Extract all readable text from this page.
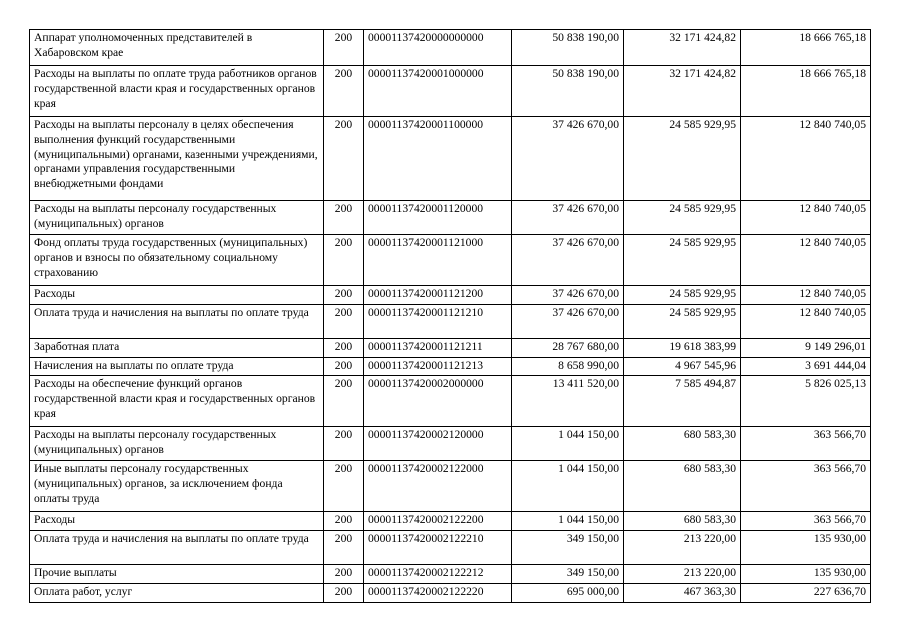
Аппарат уполномоченных представителей в Хабаровском крае	200	00001137420000000000	50 838 190,00	32 171 424,82	18 666 765,18
Расходы на выплаты по оплате труда работников органов государственной власти края и государственных органов края	200	00001137420001000000	50 838 190,00	32 171 424,82	18 666 765,18
Расходы на выплаты персоналу в целях обеспечения выполнения функций государственными (муниципальными) органами, казенными учреждениями, органами управления государственными внебюджетными фондами	200	00001137420001100000	37 426 670,00	24 585 929,95	12 840 740,05
Расходы на выплаты персоналу государственных (муниципальных) органов	200	00001137420001120000	37 426 670,00	24 585 929,95	12 840 740,05
Фонд оплаты труда государственных (муниципальных) органов и взносы по обязательному социальному страхованию	200	00001137420001121000	37 426 670,00	24 585 929,95	12 840 740,05
Расходы	200	00001137420001121200	37 426 670,00	24 585 929,95	12 840 740,05
Оплата труда и начисления на выплаты по оплате труда	200	00001137420001121210	37 426 670,00	24 585 929,95	12 840 740,05
Заработная плата	200	00001137420001121211	28 767 680,00	19 618 383,99	9 149 296,01
Начисления на выплаты по оплате труда	200	00001137420001121213	8 658 990,00	4 967 545,96	3 691 444,04
Расходы на обеспечение функций органов государственной власти края и государственных органов края	200	00001137420002000000	13 411 520,00	7 585 494,87	5 826 025,13
Расходы на выплаты персоналу государственных (муниципальных) органов	200	00001137420002120000	1 044 150,00	680 583,30	363 566,70
Иные выплаты персоналу государственных (муниципальных) органов, за исключением фонда оплаты труда	200	00001137420002122000	1 044 150,00	680 583,30	363 566,70
Расходы	200	00001137420002122200	1 044 150,00	680 583,30	363 566,70
Оплата труда и начисления на выплаты по оплате труда	200	00001137420002122210	349 150,00	213 220,00	135 930,00
Прочие выплаты	200	00001137420002122212	349 150,00	213 220,00	135 930,00
Оплата работ, услуг	200	00001137420002122220	695 000,00	467 363,30	227 636,70
